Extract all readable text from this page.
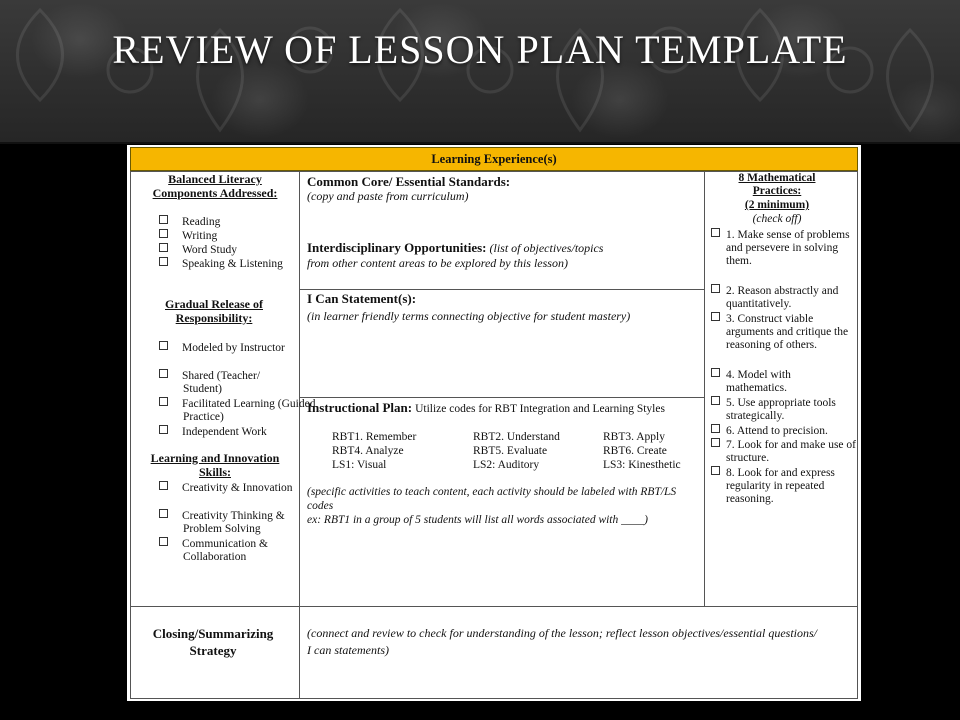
REVIEW OF LESSON PLAN TEMPLATE
Learning Experience(s)
Balanced Literacy Components Addressed:
Reading
Writing
Word Study
Speaking & Listening
Gradual Release of Responsibility:
Modeled by Instructor
Shared (Teacher/ Student)
Facilitated Learning (Guided Practice)
Independent Work
Learning and Innovation Skills:
Creativity & Innovation
Creativity Thinking & Problem Solving
Communication & Collaboration
Common Core/ Essential Standards:
(copy and paste from curriculum)
Interdisciplinary Opportunities: (list of objectives/topics
from other content areas to be explored by this lesson)
I Can Statement(s):
(in learner friendly terms connecting objective for student mastery)
Instructional Plan: Utilize codes for RBT Integration and Learning Styles
RBT1. Remember	RBT2. Understand	RBT3. Apply
RBT4. Analyze	RBT5. Evaluate	RBT6. Create
LS1: Visual	LS2: Auditory	LS3: Kinesthetic
(specific activities to teach content, each activity should be labeled with RBT/LS codes
ex: RBT1 in a group of 5 students will list all words associated with ____)
8 Mathematical Practices:
(2 minimum)
(check off)
1. Make sense of problems and persevere in solving them.
2. Reason abstractly and quantitatively.
3. Construct viable arguments and critique the reasoning of others.
4. Model with mathematics.
5. Use appropriate tools strategically.
6. Attend to precision.
7. Look for and make use of structure.
8. Look for and express regularity in repeated reasoning.
Closing/Summarizing Strategy
(connect and review to check for understanding of the lesson; reflect lesson objectives/essential questions/ I can statements)
